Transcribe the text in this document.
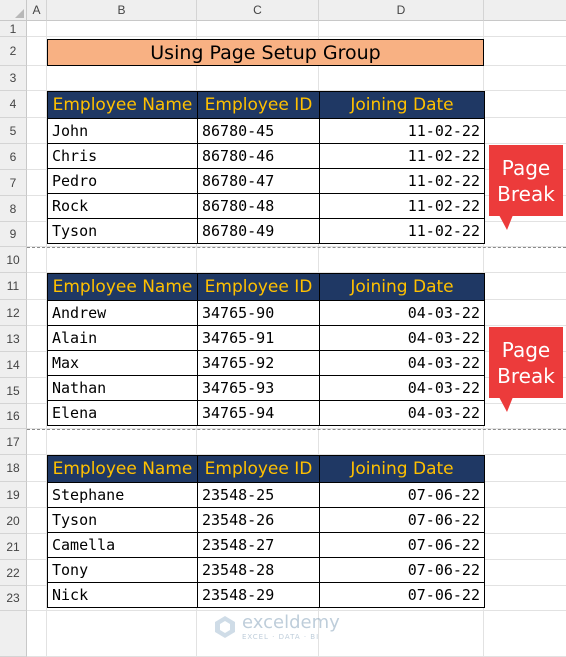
A	B	C	D
1
2
3
4
5
6
7
8
9
10
11
12
13
14
15
16
17
18
19
20
21
22
23
Using Page Setup Group
Employee Name	Employee ID	Joining Date
John	86780-45	11-02-22
Chris	86780-46	11-02-22
Pedro	86780-47	11-02-22
Rock	86780-48	11-02-22
Tyson	86780-49	11-02-22
Employee Name	Employee ID	Joining Date
Andrew	34765-90	04-03-22
Alain	34765-91	04-03-22
Max	34765-92	04-03-22
Nathan	34765-93	04-03-22
Elena	34765-94	04-03-22
Employee Name	Employee ID	Joining Date
Stephane	23548-25	07-06-22
Tyson	23548-26	07-06-22
Camella	23548-27	07-06-22
Tony	23548-28	07-06-22
Nick	23548-29	07-06-22
Page
Break
Page
Break
exceldemy
EXCEL · DATA · BI
